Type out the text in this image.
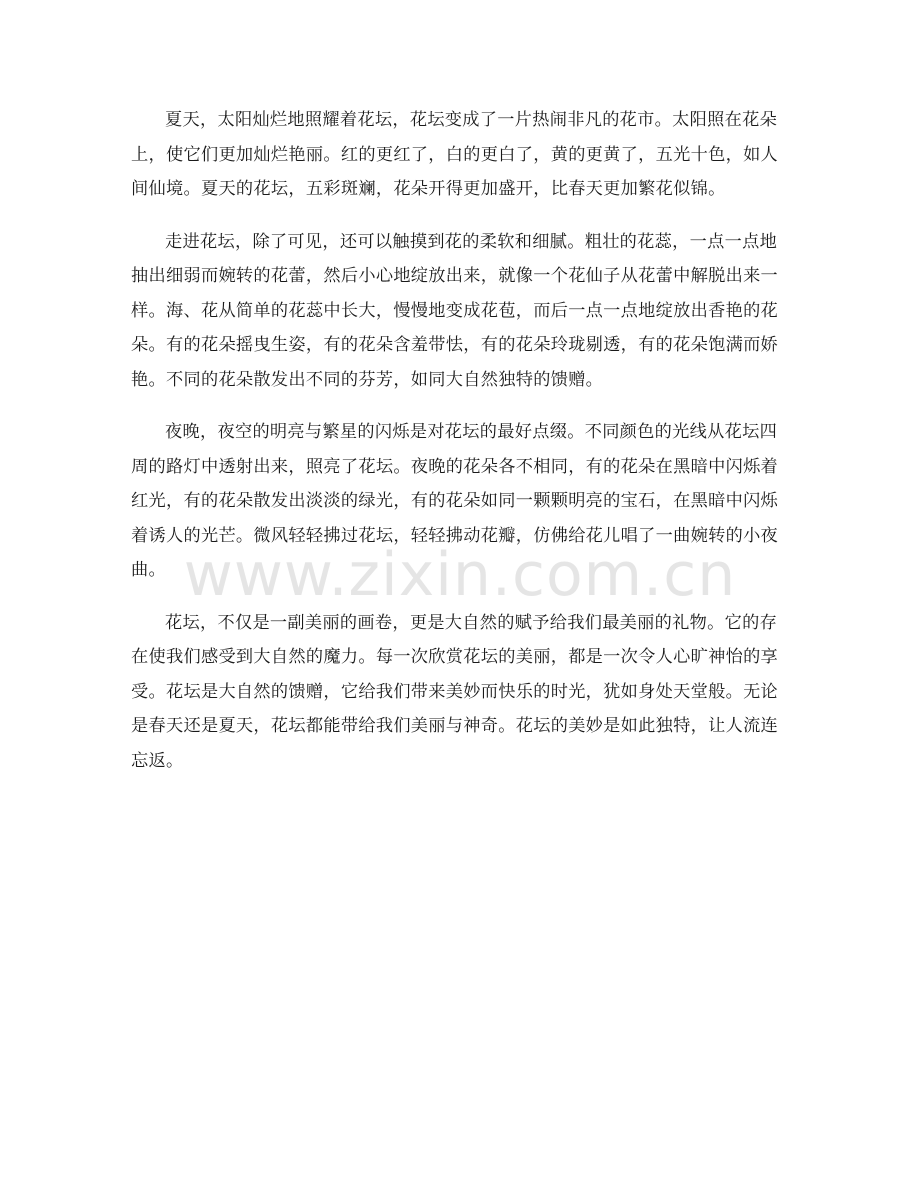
夏天，太阳灿烂地照耀着花坛，花坛变成了一片热闹非凡的花市。太阳照在花朵上，使它们更加灿烂艳丽。红的更红了，白的更白了，黄的更黄了，五光十色，如人间仙境。夏天的花坛，五彩斑斓，花朵开得更加盛开，比春天更加繁花似锦。

走进花坛，除了可见，还可以触摸到花的柔软和细腻。粗壮的花蕊，一点一点地抽出细弱而婉转的花蕾，然后小心地绽放出来，就像一个花仙子从花蕾中解脱出来一样。海、花从简单的花蕊中长大，慢慢地变成花苞，而后一点一点地绽放出香艳的花朵。有的花朵摇曳生姿，有的花朵含羞带怯，有的花朵玲珑剔透，有的花朵饱满而娇艳。不同的花朵散发出不同的芬芳，如同大自然独特的馈赠。

夜晚，夜空的明亮与繁星的闪烁是对花坛的最好点缀。不同颜色的光线从花坛四周的路灯中透射出来，照亮了花坛。夜晚的花朵各不相同，有的花朵在黑暗中闪烁着红光，有的花朵散发出淡淡的绿光，有的花朵如同一颗颗明亮的宝石，在黑暗中闪烁着诱人的光芒。微风轻轻拂过花坛，轻轻拂动花瓣，仿佛给花儿唱了一曲婉转的小夜曲。

花坛，不仅是一副美丽的画卷，更是大自然的赋予给我们最美丽的礼物。它的存在使我们感受到大自然的魔力。每一次欣赏花坛的美丽，都是一次令人心旷神怡的享受。花坛是大自然的馈赠，它给我们带来美妙而快乐的时光，犹如身处天堂般。无论是春天还是夏天，花坛都能带给我们美丽与神奇。花坛的美妙是如此独特，让人流连忘返。

www.zixin.com.cn
